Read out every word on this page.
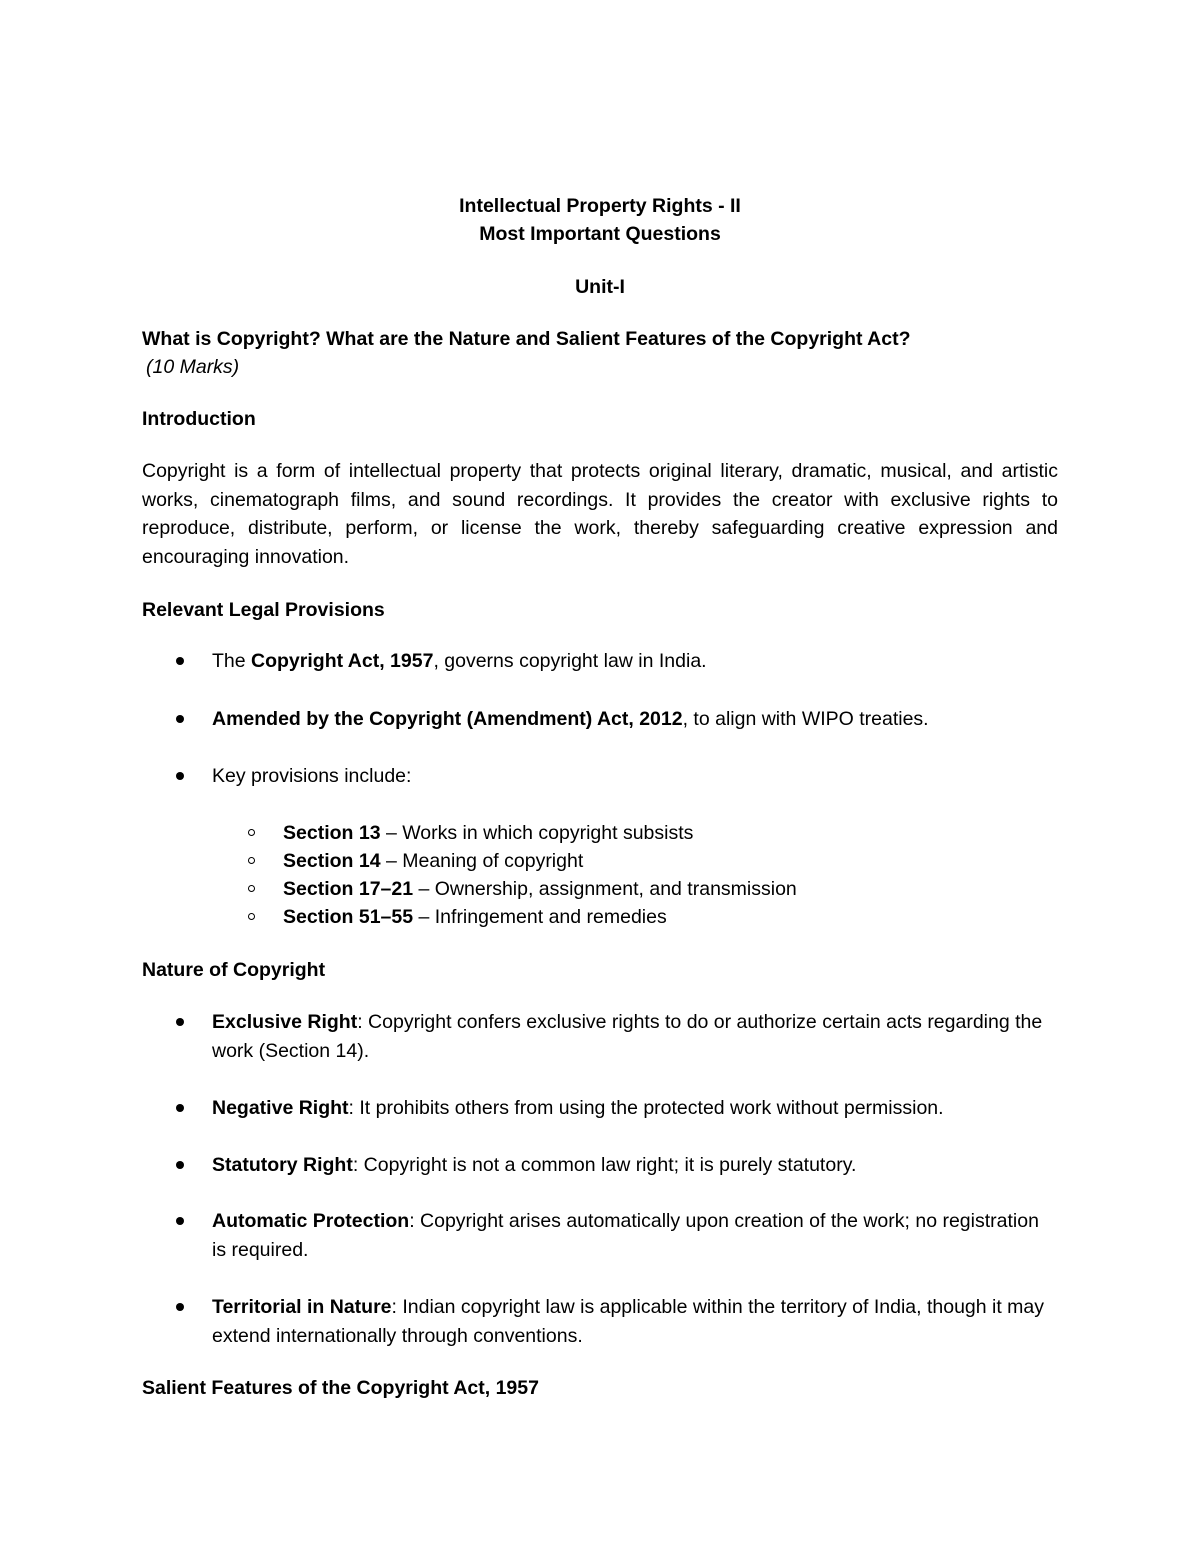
Intellectual Property Rights - II
Most Important Questions
Unit-I
What is Copyright? What are the Nature and Salient Features of the Copyright Act?
(10 Marks)
Introduction
Copyright is a form of intellectual property that protects original literary, dramatic, musical, and artistic works, cinematograph films, and sound recordings. It provides the creator with exclusive rights to reproduce, distribute, perform, or license the work, thereby safeguarding creative expression and encouraging innovation.
Relevant Legal Provisions
The Copyright Act, 1957, governs copyright law in India.
Amended by the Copyright (Amendment) Act, 2012, to align with WIPO treaties.
Key provisions include:
Section 13 – Works in which copyright subsists
Section 14 – Meaning of copyright
Section 17–21 – Ownership, assignment, and transmission
Section 51–55 – Infringement and remedies
Nature of Copyright
Exclusive Right: Copyright confers exclusive rights to do or authorize certain acts regarding the work (Section 14).
Negative Right: It prohibits others from using the protected work without permission.
Statutory Right: Copyright is not a common law right; it is purely statutory.
Automatic Protection: Copyright arises automatically upon creation of the work; no registration is required.
Territorial in Nature: Indian copyright law is applicable within the territory of India, though it may extend internationally through conventions.
Salient Features of the Copyright Act, 1957
